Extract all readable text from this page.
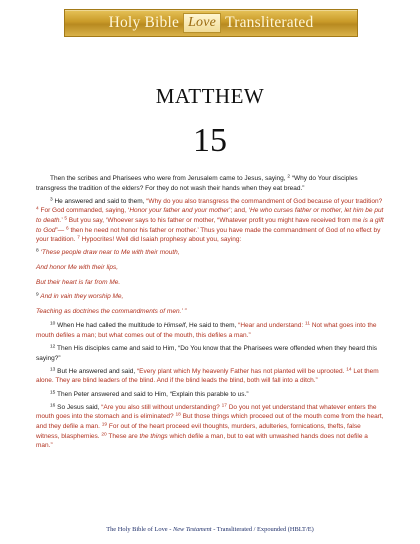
Holy Bible Love Transliterated
MATTHEW
15

Then the scribes and Pharisees who were from Jerusalem came to Jesus, saying, $^2$ “Why do Your disciples transgress the tradition of the elders? For they do not wash their hands when they eat bread.”

$^3$ He answered and said to them, “Why do you also transgress the commandment of God because of your tradition? $^4$ For God commanded, saying, ‘Honor your father and your mother’; and, ‘He who curses father or mother, let him be put to death.’ $^5$ But you say, ‘Whoever says to his father or mother, “Whatever profit you might have received from me is a gift to God”— $^6$ then he need not honor his father or mother.’ Thus you have made the commandment of God of no effect by your tradition. $^7$ Hypocrites! Well did Isaiah prophesy about you, saying:

$^8$ ‘These people draw near to Me with their mouth,

And honor Me with their lips,

But their heart is far from Me.

$^9$ And in vain they worship Me,

Teaching as doctrines the commandments of men.’ ”

$^{10}$ When He had called the multitude to Himself, He said to them, “Hear and understand: $^{11}$ Not what goes into the mouth defiles a man; but what comes out of the mouth, this defiles a man.”

$^{12}$ Then His disciples came and said to Him, “Do You know that the Pharisees were offended when they heard this saying?”

$^{13}$ But He answered and said, “Every plant which My heavenly Father has not planted will be uprooted. $^{14}$ Let them alone. They are blind leaders of the blind. And if the blind leads the blind, both will fall into a ditch.”

$^{15}$ Then Peter answered and said to Him, “Explain this parable to us.”

$^{16}$ So Jesus said, “Are you also still without understanding? $^{17}$ Do you not yet understand that whatever enters the mouth goes into the stomach and is eliminated? $^{18}$ But those things which proceed out of the mouth come from the heart, and they defile a man. $^{19}$ For out of the heart proceed evil thoughts, murders, adulteries, fornications, thefts, false witness, blasphemies. $^{20}$ These are the things which defile a man, but to eat with unwashed hands does not defile a man.”

The Holy Bible of Love - New Testament - Transliterated / Expounded (HBLT/E)
